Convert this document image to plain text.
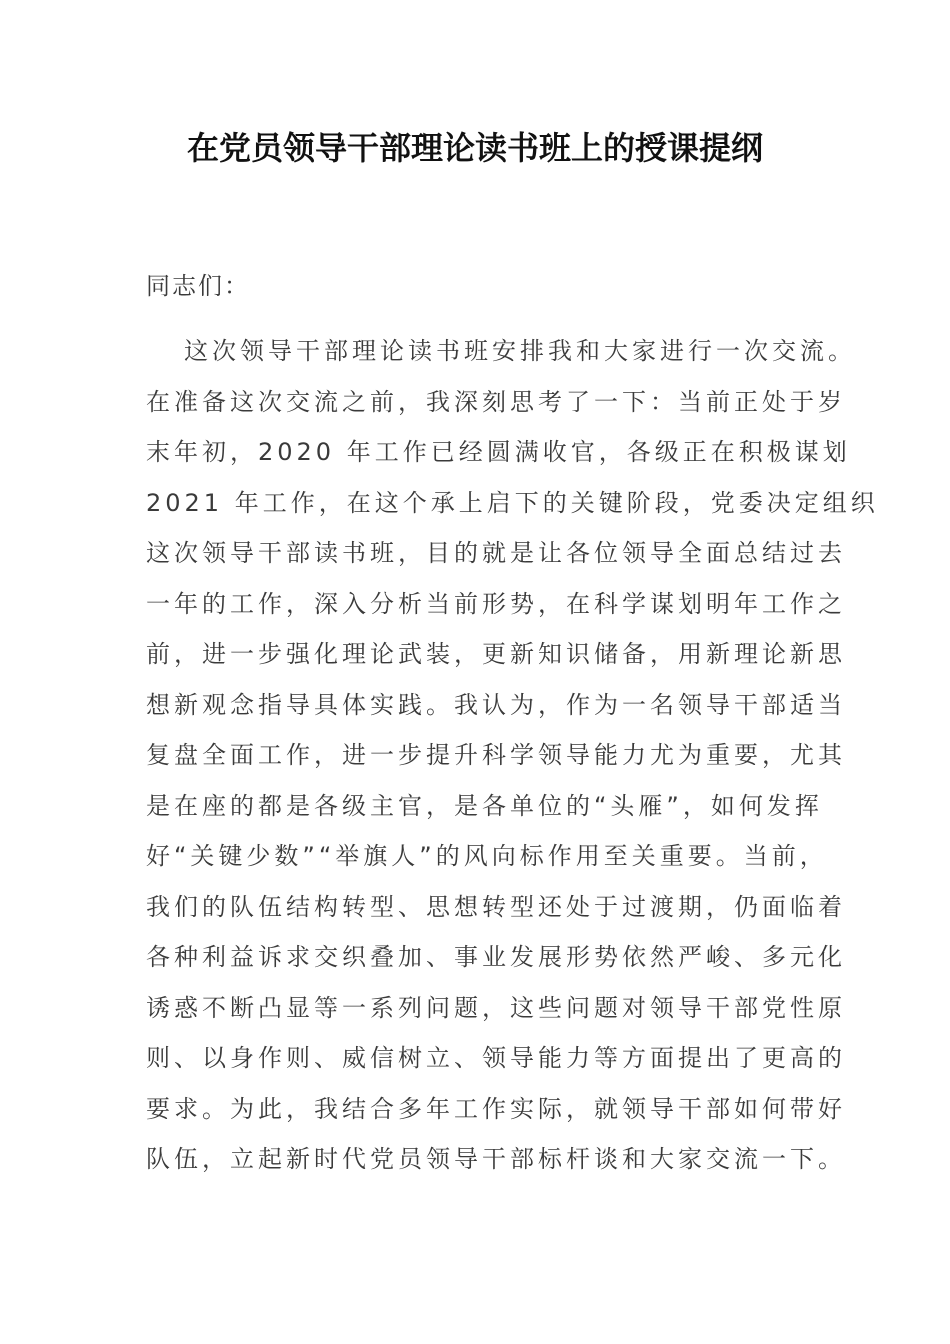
在党员领导干部理论读书班上的授课提纲

同志们：

这次领导干部理论读书班安排我和大家进行一次交流。
在准备这次交流之前，我深刻思考了一下：当前正处于岁
末年初，2020 年工作已经圆满收官，各级正在积极谋划
2021 年工作，在这个承上启下的关键阶段，党委决定组织
这次领导干部读书班，目的就是让各位领导全面总结过去
一年的工作，深入分析当前形势，在科学谋划明年工作之
前，进一步强化理论武装，更新知识储备，用新理论新思
想新观念指导具体实践。我认为，作为一名领导干部适当
复盘全面工作，进一步提升科学领导能力尤为重要，尤其
是在座的都是各级主官，是各单位的“头雁”，如何发挥
好“关键少数”“举旗人”的风向标作用至关重要。当前，
我们的队伍结构转型、思想转型还处于过渡期，仍面临着
各种利益诉求交织叠加、事业发展形势依然严峻、多元化
诱惑不断凸显等一系列问题，这些问题对领导干部党性原
则、以身作则、威信树立、领导能力等方面提出了更高的
要求。为此，我结合多年工作实际，就领导干部如何带好
队伍，立起新时代党员领导干部标杆谈和大家交流一下。
